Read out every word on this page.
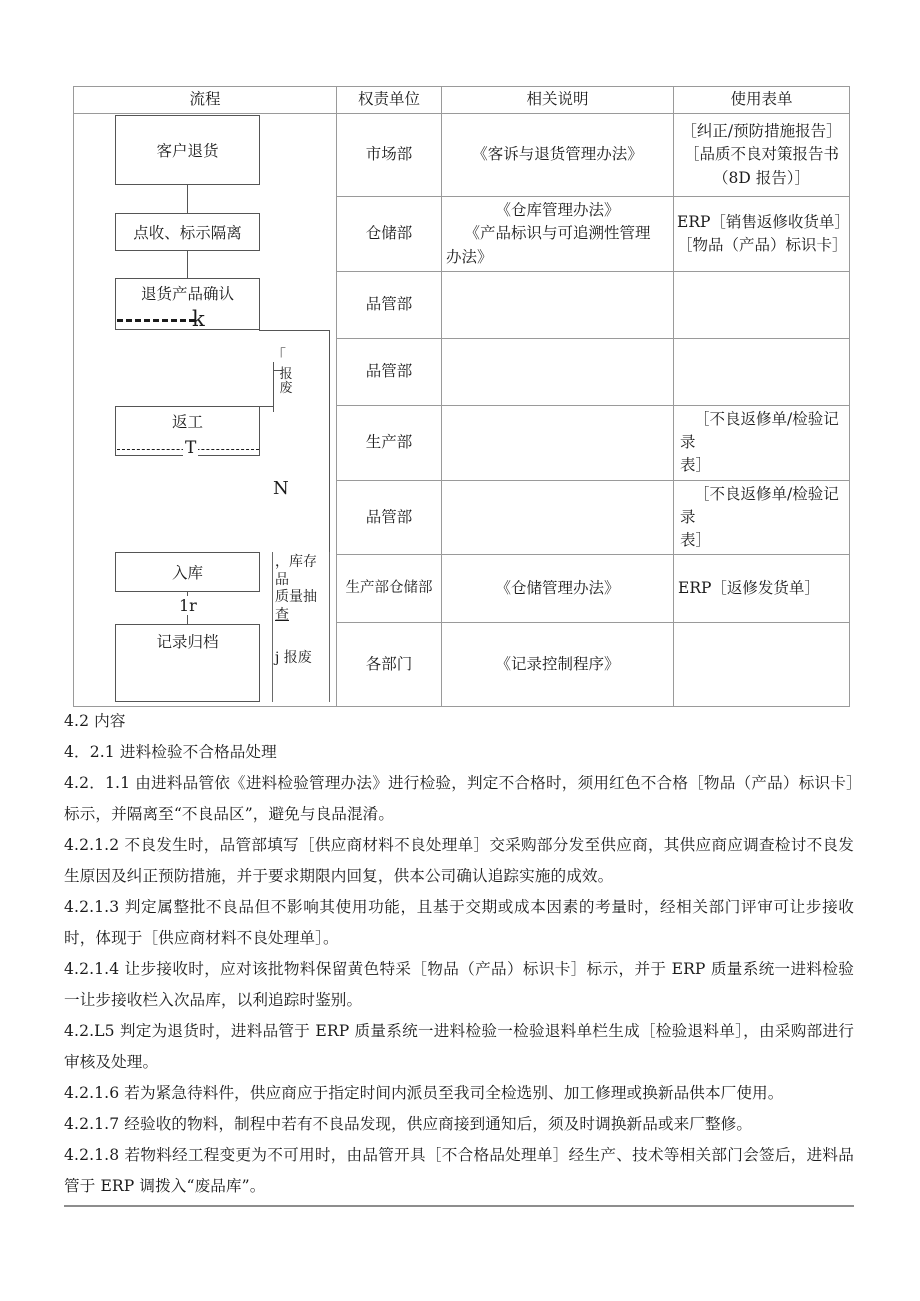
流程	权责单位	相关说明	使用表单
	市场部	《客诉与退货管理办法》	［纠正/预防措施报告］
［品质不良对策报告书
（8D 报告）］

	仓储部	《仓库管理办法》
《产品标识与可追溯性管理
办法》	ERP［销售返修收货单］
［物品（产品）标识卡］

	品管部		
	品管部		
	生产部		［不良返修单/检验记录
表］

	品管部		［不良返修单/检验记录
表］

	生产部仓储部	《仓储管理办法》	ERP［返修发货单］
	各部门	《记录控制程序》	
客户退货
点收、标示隔离
退货产品确认
k
「
报 废
返工
T
N
入库
1r
记录归档
，库存品
质量抽
查
j 报废

4.2 内容

4．2.1 进料检验不合格品处理

4.2．1.1 由进料品管依《进料检验管理办法》进行检验，判定不合格时，须用红色不合格［物品（产品）标识卡］标示，并隔离至“不良品区”，避免与良品混淆。

4.2.1.2 不良发生时，品管部填写［供应商材料不良处理单］交采购部分发至供应商，其供应商应调查检讨不良发生原因及纠正预防措施，并于要求期限内回复，供本公司确认追踪实施的成效。

4.2.1.3 判定属整批不良品但不影响其使用功能，且基于交期或成本因素的考量时，经相关部门评审可让步接收时，体现于［供应商材料不良处理单］。

4.2.1.4 让步接收时，应对该批物料保留黄色特采［物品（产品）标识卡］标示，并于 ERP 质量系统一进料检验一让步接收栏入次品库，以利追踪时鉴别。

4.2.L5 判定为退货时，进料品管于 ERP 质量系统一进料检验一检验退料单栏生成［检验退料单］，由采购部进行审核及处理。

4.2.1.6 若为紧急待料件，供应商应于指定时间内派员至我司全检选别、加工修理或换新品供本厂使用。

4.2.1.7 经验收的物料，制程中若有不良品发现，供应商接到通知后，须及时调换新品或来厂整修。

4.2.1.8 若物料经工程变更为不可用时，由品管开具［不合格品处理单］经生产、技术等相关部门会签后，进料品管于 ERP 调拨入“废品库”。
